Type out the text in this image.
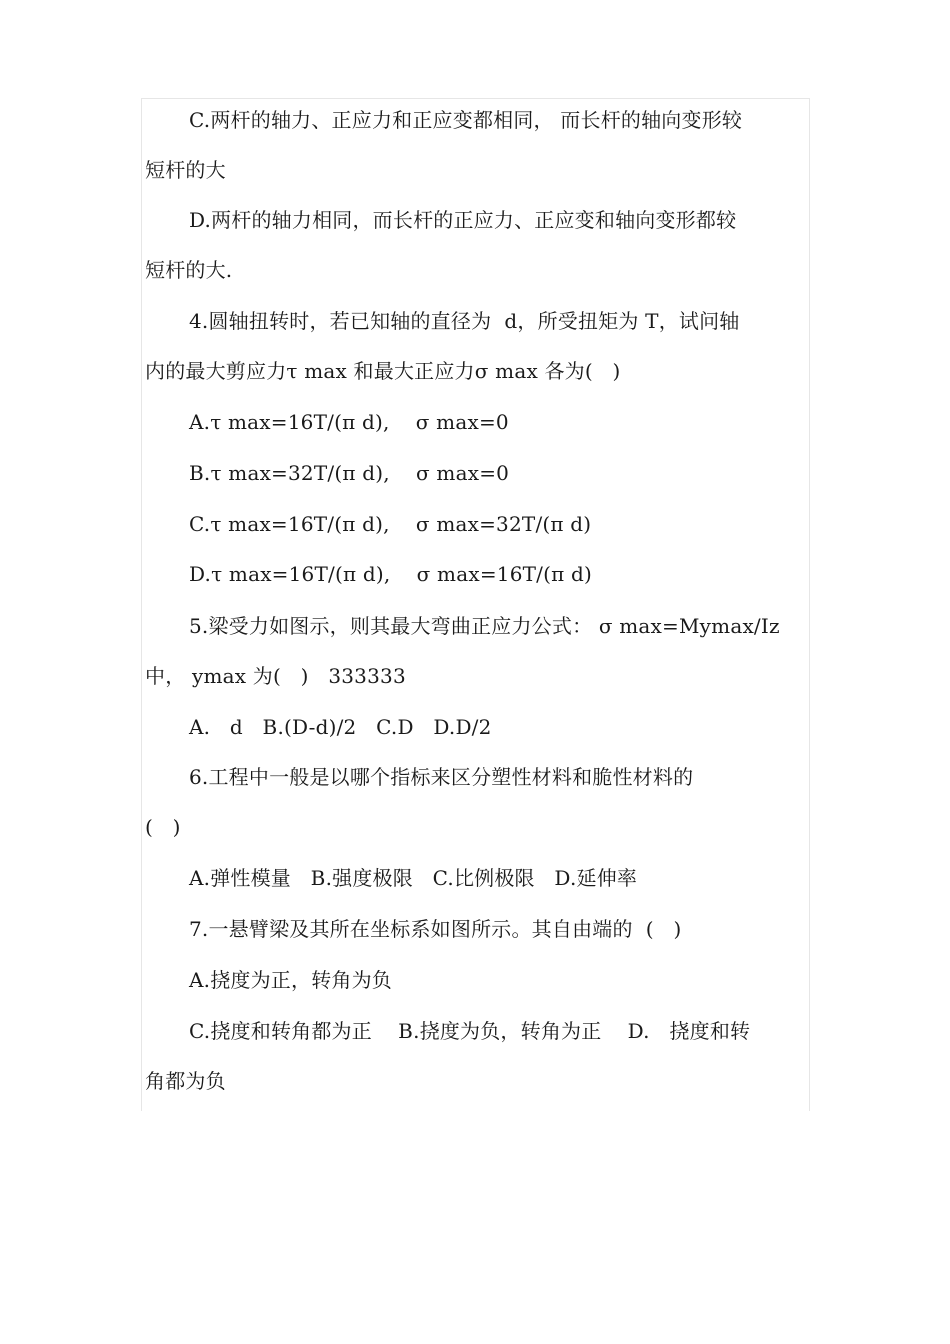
C.两杆的轴力、正应力和正应变都相同， 而长杆的轴向变形较
短杆的大
D.两杆的轴力相同，而长杆的正应力、正应变和轴向变形都较
短杆的大.
4.圆轴扭转时，若已知轴的直径为  d，所受扭矩为 T，试问轴
内的最大剪应力τ max 和最大正应力σ max 各为(   )
A.τ max=16T/(π d),    σ max=0
B.τ max=32T/(π d),    σ max=0
C.τ max=16T/(π d),    σ max=32T/(π d)
D.τ max=16T/(π d),    σ max=16T/(π d)
5.梁受力如图示，则其最大弯曲正应力公式： σ max=Mymax/Iz
中， ymax 为(   )   333333
A.   d   B.(D-d)/2   C.D   D.D/2
6.工程中一般是以哪个指标来区分塑性材料和脆性材料的
(   )
A.弹性模量   B.强度极限   C.比例极限   D.延伸率
7.一悬臂梁及其所在坐标系如图所示。其自由端的  (   )
A.挠度为正，转角为负
C.挠度和转角都为正    B.挠度为负，转角为正    D.   挠度和转
角都为负
